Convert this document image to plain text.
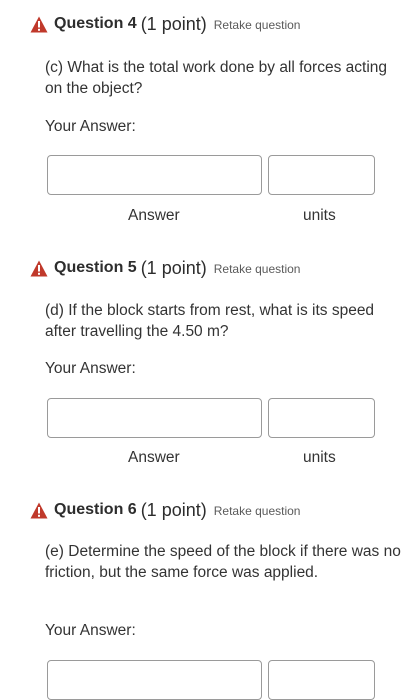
Question 4 (1 point) Retake question
(c) What is the total work done by all forces acting on the object?
Your Answer:
Answer	units
Question 5 (1 point) Retake question
(d) If the block starts from rest, what is its speed after travelling the 4.50 m?
Your Answer:
Answer	units
Question 6 (1 point) Retake question
(e) Determine the speed of the block if there was no friction, but the same force was applied.
Your Answer:
